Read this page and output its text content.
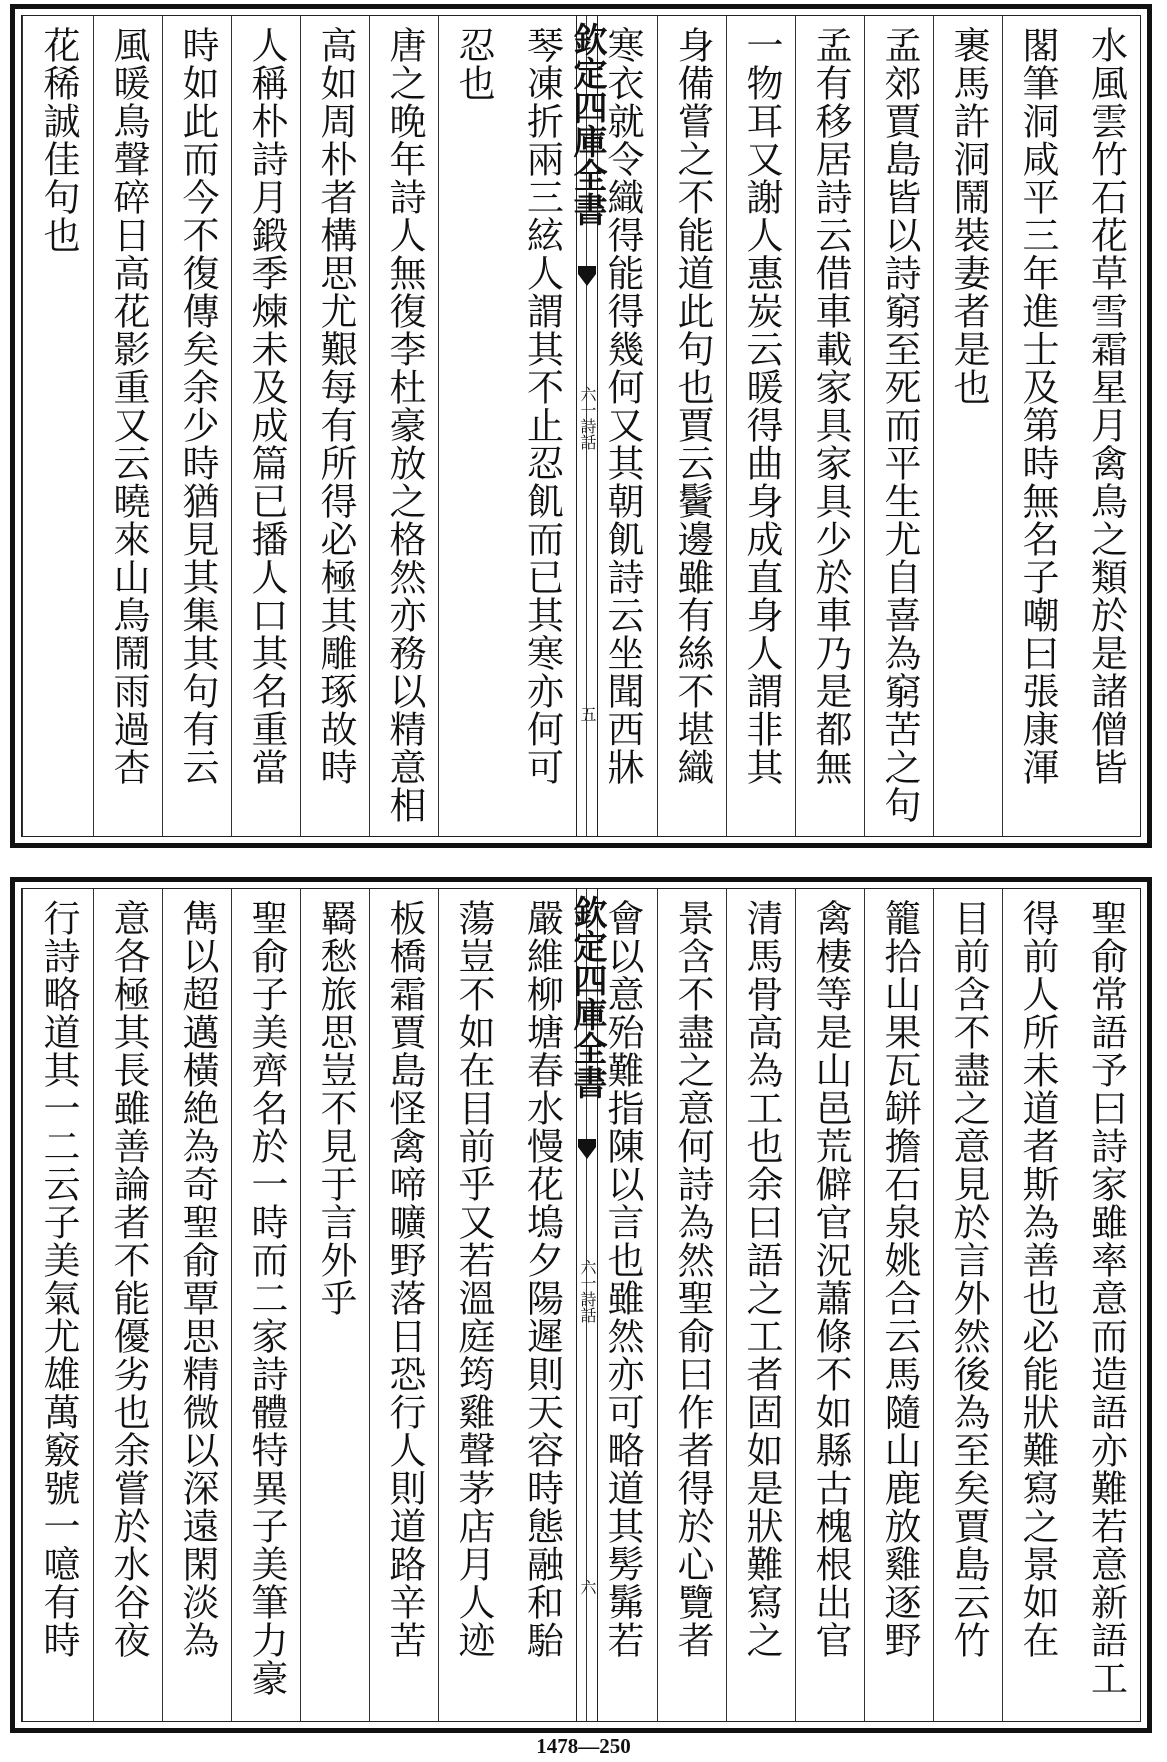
水風雲竹石花草雪霜星月禽鳥之類於是諸僧皆
閣筆洞咸平三年進士及第時無名子嘲曰張康渾
裹馬許洞鬧裝妻者是也
孟郊賈島皆以詩窮至死而平生尤自喜為窮苦之句
孟有移居詩云借車載家具家具少於車乃是都無
一物耳又謝人惠炭云暖得曲身成直身人謂非其
身備嘗之不能道此句也賈云鬢邊雖有絲不堪織
寒衣就令織得能得幾何又其朝飢詩云坐聞西牀
欽定四庫全書
六一詩話
五
琴凍折兩三絃人謂其不止忍飢而已其寒亦何可
忍也
唐之晚年詩人無復李杜豪放之格然亦務以精意相
高如周朴者構思尤艱每有所得必極其雕琢故時
人稱朴詩月鍛季煉未及成篇已播人口其名重當
時如此而今不復傳矣余少時猶見其集其句有云
風暖鳥聲碎日高花影重又云曉來山鳥鬧雨過杏
花稀誠佳句也
聖俞常語予曰詩家雖率意而造語亦難若意新語工
得前人所未道者斯為善也必能狀難寫之景如在
目前含不盡之意見於言外然後為至矣賈島云竹
籠拾山果瓦缾擔石泉姚合云馬隨山鹿放雞逐野
禽棲等是山邑荒僻官況蕭條不如縣古槐根出官
清馬骨高為工也余曰語之工者固如是狀難寫之
景含不盡之意何詩為然聖俞曰作者得於心覽者
會以意殆難指陳以言也雖然亦可略道其髣髴若
欽定四庫全書
六一詩話
六
嚴維柳塘春水慢花塢夕陽遲則天容時態融和駘
蕩豈不如在目前乎又若溫庭筠雞聲茅店月人迹
板橋霜賈島怪禽啼曠野落日恐行人則道路辛苦
羇愁旅思豈不見于言外乎
聖俞子美齊名於一時而二家詩體特異子美筆力豪
雋以超邁橫絶為奇聖俞覃思精微以深遠閑淡為
意各極其長雖善論者不能優劣也余嘗於水谷夜
行詩略道其一二云子美氣尤雄萬竅號一噫有時
1478—250
